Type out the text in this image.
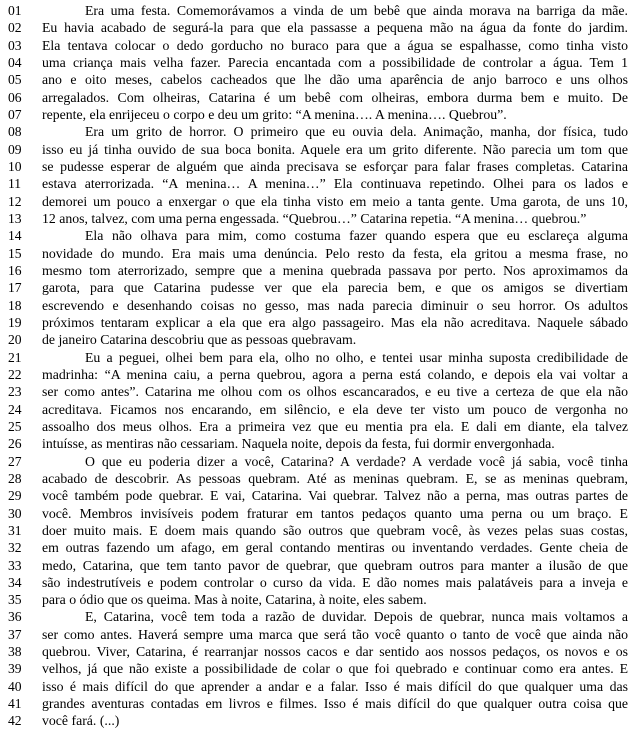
01	Era uma festa. Comemorávamos a vinda de um bebê que ainda morava na barriga da mãe.
02	Eu havia acabado de segurá-la para que ela passasse a pequena mão na água da fonte do jardim.
03	Ela tentava colocar o dedo gorducho no buraco para que a água se espalhasse, como tinha visto
04	uma criança mais velha fazer. Parecia encantada com a possibilidade de controlar a água. Tem 1
05	ano e oito meses, cabelos cacheados que lhe dão uma aparência de anjo barroco e uns olhos
06	arregalados. Com olheiras, Catarina é um bebê com olheiras, embora durma bem e muito. De
07	repente, ela enrijeceu o corpo e deu um grito: “A menina…. A menina…. Quebrou”.
08	Era um grito de horror. O primeiro que eu ouvia dela. Animação, manha, dor física, tudo
09	isso eu já tinha ouvido de sua boca bonita. Aquele era um grito diferente. Não parecia um tom que
10	se pudesse esperar de alguém que ainda precisava se esforçar para falar frases completas. Catarina
11	estava aterrorizada. “A menina… A menina…” Ela continuava repetindo. Olhei para os lados e
12	demorei um pouco a enxergar o que ela tinha visto em meio a tanta gente. Uma garota, de uns 10,
13	12 anos, talvez, com uma perna engessada. “Quebrou…” Catarina repetia. “A menina… quebrou.”
14	Ela não olhava para mim, como costuma fazer quando espera que eu esclareça alguma
15	novidade do mundo. Era mais uma denúncia. Pelo resto da festa, ela gritou a mesma frase, no
16	mesmo tom aterrorizado, sempre que a menina quebrada passava por perto. Nos aproximamos da
17	garota, para que Catarina pudesse ver que ela parecia bem, e que os amigos se divertiam
18	escrevendo e desenhando coisas no gesso, mas nada parecia diminuir o seu horror. Os adultos
19	próximos tentaram explicar a ela que era algo passageiro. Mas ela não acreditava. Naquele sábado
20	de janeiro Catarina descobriu que as pessoas quebravam.
21	Eu a peguei, olhei bem para ela, olho no olho, e tentei usar minha suposta credibilidade de
22	madrinha: “A menina caiu, a perna quebrou, agora a perna está colando, e depois ela vai voltar a
23	ser como antes”. Catarina me olhou com os olhos escancarados, e eu tive a certeza de que ela não
24	acreditava. Ficamos nos encarando, em silêncio, e ela deve ter visto um pouco de vergonha no
25	assoalho dos meus olhos. Era a primeira vez que eu mentia pra ela. E dali em diante, ela talvez
26	intuísse, as mentiras não cessariam. Naquela noite, depois da festa, fui dormir envergonhada.
27	O que eu poderia dizer a você, Catarina? A verdade? A verdade você já sabia, você tinha
28	acabado de descobrir. As pessoas quebram. Até as meninas quebram. E, se as meninas quebram,
29	você também pode quebrar. E vai, Catarina. Vai quebrar. Talvez não a perna, mas outras partes de
30	você. Membros invisíveis podem fraturar em tantos pedaços quanto uma perna ou um braço. E
31	doer muito mais. E doem mais quando são outros que quebram você, às vezes pelas suas costas,
32	em outras fazendo um afago, em geral contando mentiras ou inventando verdades. Gente cheia de
33	medo, Catarina, que tem tanto pavor de quebrar, que quebram outros para manter a ilusão de que
34	são indestrutíveis e podem controlar o curso da vida. E dão nomes mais palatáveis para a inveja e
35	para o ódio que os queima. Mas à noite, Catarina, à noite, eles sabem.
36	E, Catarina, você tem toda a razão de duvidar. Depois de quebrar, nunca mais voltamos a
37	ser como antes. Haverá sempre uma marca que será tão você quanto o tanto de você que ainda não
38	quebrou. Viver, Catarina, é rearranjar nossos cacos e dar sentido aos nossos pedaços, os novos e os
39	velhos, já que não existe a possibilidade de colar o que foi quebrado e continuar como era antes. E
40	isso é mais difícil do que aprender a andar e a falar. Isso é mais difícil do que qualquer uma das
41	grandes aventuras contadas em livros e filmes. Isso é mais difícil do que qualquer outra coisa que
42	você fará. (...)
